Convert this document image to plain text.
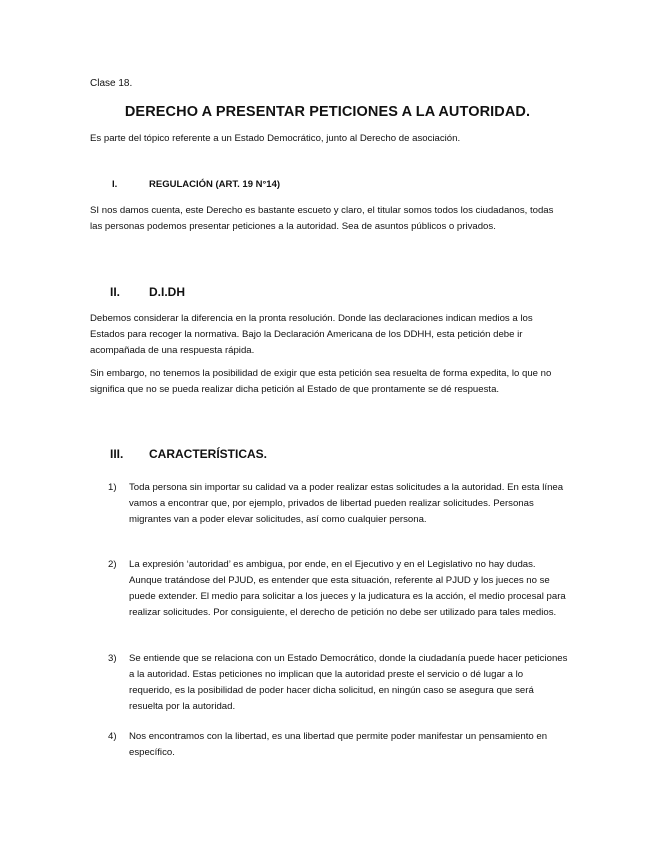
Clase 18.
DERECHO A PRESENTAR PETICIONES A LA AUTORIDAD.
Es parte del tópico referente a un Estado Democrático, junto al Derecho de asociación.
I.	REGULACIÓN (ART. 19 N°14)
SI nos damos cuenta, este Derecho es bastante escueto y claro, el titular somos todos los ciudadanos, todas las personas podemos presentar peticiones a la autoridad. Sea de asuntos públicos o privados.
II. D.I.DH
Debemos considerar la diferencia en la pronta resolución. Donde las declaraciones indican medios a los Estados para recoger la normativa. Bajo la Declaración Americana de los DDHH, esta petición debe ir acompañada de una respuesta rápida.
Sin embargo, no tenemos la posibilidad de exigir que esta petición sea resuelta de forma expedita, lo que no significa que no se pueda realizar dicha petición al Estado de que prontamente se dé respuesta.
III. CARACTERÍSTICAS.
1) Toda persona sin importar su calidad va a poder realizar estas solicitudes a la autoridad. En esta línea vamos a encontrar que, por ejemplo, privados de libertad pueden realizar solicitudes. Personas migrantes van a poder elevar solicitudes, así como cualquier persona.
2) La expresión ‘autoridad’ es ambigua, por ende, en el Ejecutivo y en el Legislativo no hay dudas. Aunque tratándose del PJUD, es entender que esta situación, referente al PJUD y los jueces no se puede extender. El medio para solicitar a los jueces y la judicatura es la acción, el medio procesal para realizar solicitudes. Por consiguiente, el derecho de petición no debe ser utilizado para tales medios.
3) Se entiende que se relaciona con un Estado Democrático, donde la ciudadanía puede hacer peticiones a la autoridad. Estas peticiones no implican que la autoridad preste el servicio o dé lugar a lo requerido, es la posibilidad de poder hacer dicha solicitud, en ningún caso se asegura que será resuelta por la autoridad.
4) Nos encontramos con la libertad, es una libertad que permite poder manifestar un pensamiento en específico.
